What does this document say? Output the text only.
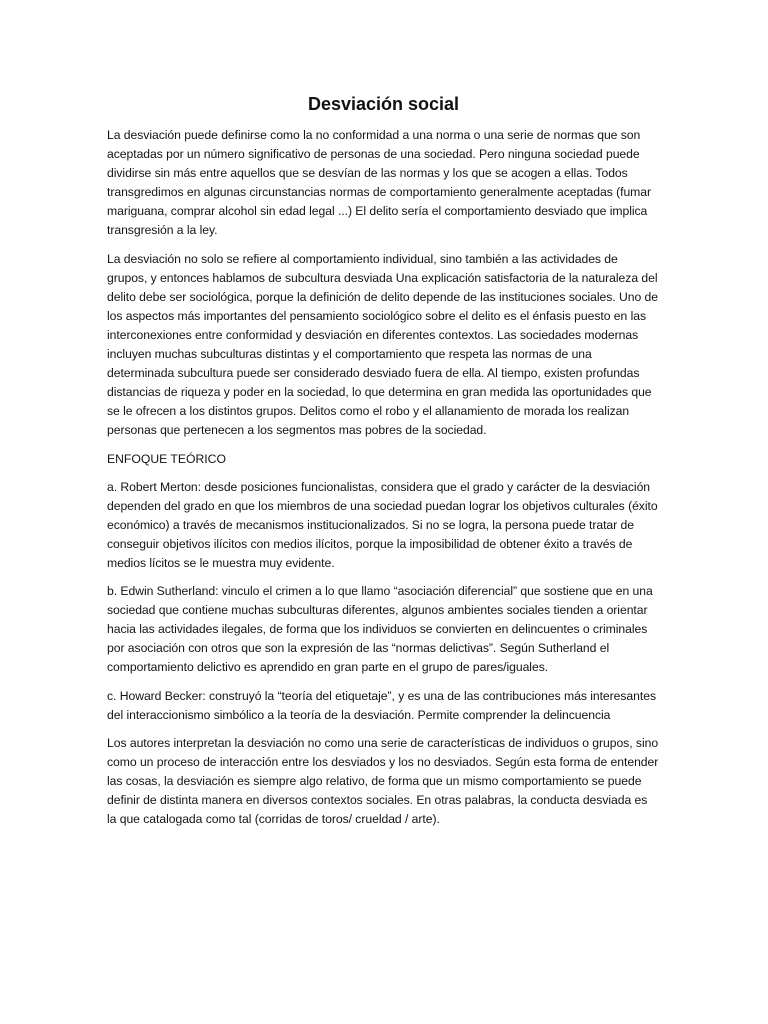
Desviación social

La desviación puede definirse como la no conformidad a una norma o una serie de normas que son aceptadas por un número significativo de personas de una sociedad. Pero ninguna sociedad puede dividirse sin más entre aquellos que se desvían de las normas y los que se acogen a ellas. Todos transgredimos en algunas circunstancias normas de comportamiento generalmente aceptadas (fumar mariguana, comprar alcohol sin edad legal ...) El delito sería el comportamiento desviado que implica transgresión a la ley.

La desviación no solo se refiere al comportamiento individual, sino también a las actividades de grupos, y entonces hablamos de subcultura desviada Una explicación satisfactoria de la naturaleza del delito debe ser sociológica, porque la definición de delito depende de las instituciones sociales. Uno de los aspectos más importantes del pensamiento sociológico sobre el delito es el énfasis puesto en las interconexiones entre conformidad y desviación en diferentes contextos. Las sociedades modernas incluyen muchas subculturas distintas y el comportamiento que respeta las normas de una determinada subcultura puede ser considerado desviado fuera de ella. Al tiempo, existen profundas distancias de riqueza y poder en la sociedad, lo que determina en gran medida las oportunidades que se le ofrecen a los distintos grupos. Delitos como el robo y el allanamiento de morada los realizan personas que pertenecen a los segmentos mas pobres de la sociedad.

ENFOQUE TEÓRICO

a. Robert Merton: desde posiciones funcionalistas, considera que el grado y carácter de la desviación dependen del grado en que los miembros de una sociedad puedan lograr los objetivos culturales (éxito económico) a través de mecanismos institucionalizados. Si no se logra, la persona puede tratar de conseguir objetivos ilícitos con medios ilícitos, porque la imposibilidad de obtener éxito a través de medios lícitos se le muestra muy evidente.

b. Edwin Sutherland: vinculo el crimen a lo que llamo “asociación diferencial” que sostiene que en una sociedad que contiene muchas subculturas diferentes, algunos ambientes sociales tienden a orientar hacia las actividades ilegales, de forma que los individuos se convierten en delincuentes o criminales por asociación con otros que son la expresión de las “normas delictivas”. Según Sutherland el comportamiento delictivo es aprendido en gran parte en el grupo de pares/iguales.

c. Howard Becker: construyó la “teoría del etiquetaje”, y es una de las contribuciones más interesantes del interaccionismo simbólico a la teoría de la desviación. Permite comprender la delincuencia

Los autores interpretan la desviación no como una serie de características de individuos o grupos, sino como un proceso de interacción entre los desviados y los no desviados. Según esta forma de entender las cosas, la desviación es siempre algo relativo, de forma que un mismo comportamiento se puede definir de distinta manera en diversos contextos sociales. En otras palabras, la conducta desviada es la que catalogada como tal (corridas de toros/ crueldad / arte).
